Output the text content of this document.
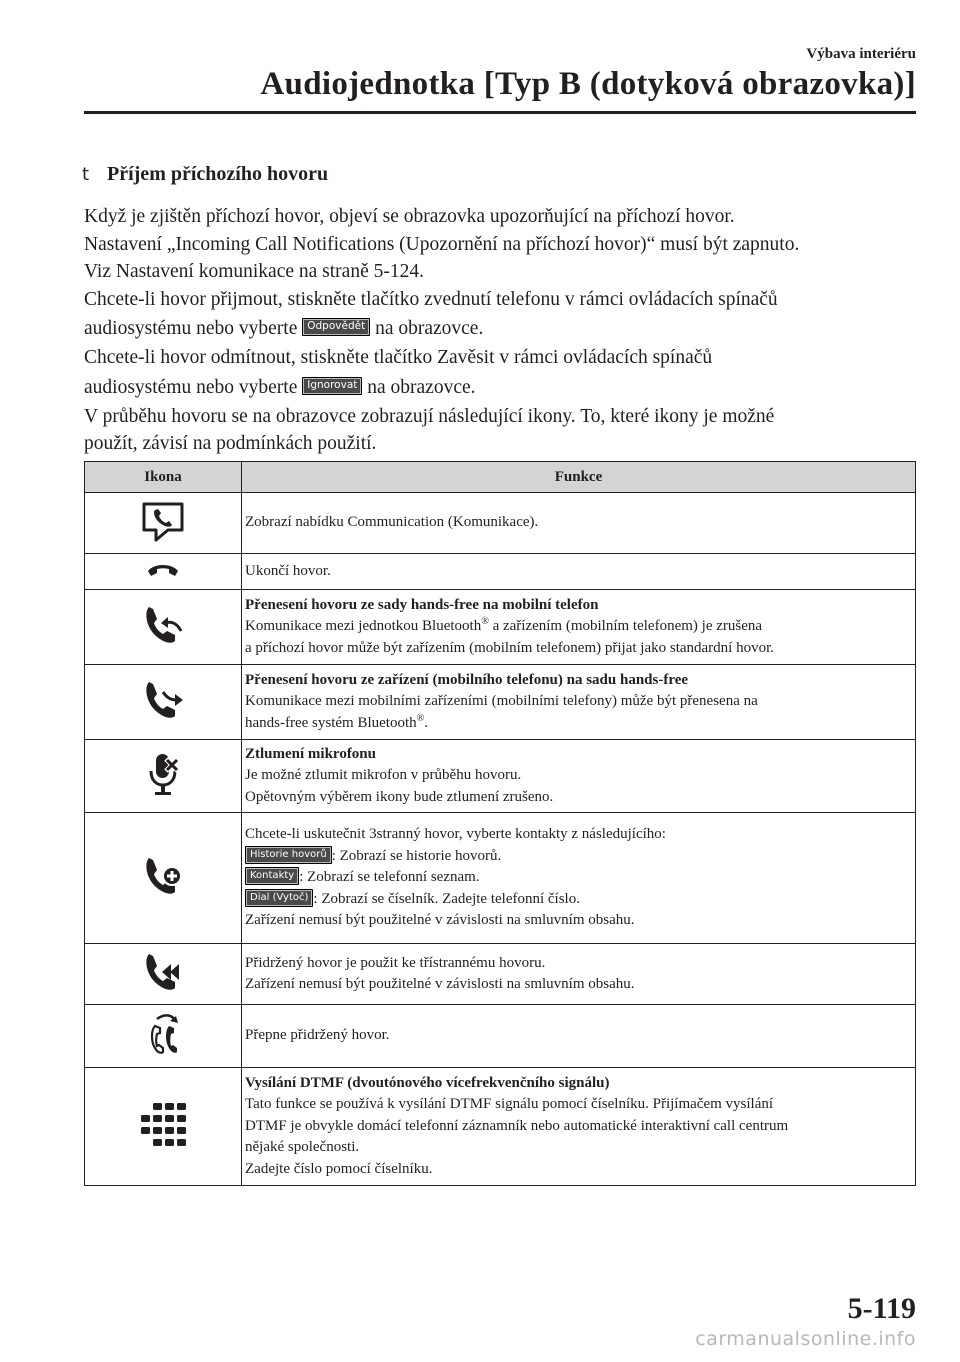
Výbava interiéru
Audiojednotka [Typ B (dotyková obrazovka)]
t Příjem příchozího hovoru

Když je zjištěn příchozí hovor, objeví se obrazovka upozorňující na příchozí hovor.

Nastavení „Incoming Call Notifications (Upozornění na příchozí hovor)“ musí být zapnuto.

Viz Nastavení komunikace na straně 5-124.

Chcete-li hovor přijmout, stiskněte tlačítko zvednutí telefonu v rámci ovládacích spínačů

audiosystému nebo vyberte Odpovědět na obrazovce.

Chcete-li hovor odmítnout, stiskněte tlačítko Zavěsit v rámci ovládacích spínačů

audiosystému nebo vyberte Ignorovat na obrazovce.

V průběhu hovoru se na obrazovce zobrazují následující ikony. To, které ikony je možné

použít, závisí na podmínkách použití.

Ikona	Funkce

Zobrazí nabídku Communication (Komunikace).

Ukončí hovor.

Přenesení hovoru ze sady hands-free na mobilní telefon
Komunikace mezi jednotkou Bluetooth® a zařízením (mobilním telefonem) je zrušena
a příchozí hovor může být zařízením (mobilním telefonem) přijat jako standardní hovor.

Přenesení hovoru ze zařízení (mobilního telefonu) na sadu hands-free
Komunikace mezi mobilními zařízeními (mobilními telefony) může být přenesena na
hands-free systém Bluetooth®.

Ztlumení mikrofonu
Je možné ztlumit mikrofon v průběhu hovoru.
Opětovným výběrem ikony bude ztlumení zrušeno.

Chcete-li uskutečnit 3stranný hovor, vyberte kontakty z následujícího:
Historie hovorů : Zobrazí se historie hovorů.
Kontakty : Zobrazí se telefonní seznam.
Dial (Vytoč) : Zobrazí se číselník. Zadejte telefonní číslo.
Zařízení nemusí být použitelné v závislosti na smluvním obsahu.

Přidržený hovor je použit ke třístrannému hovoru.
Zařízení nemusí být použitelné v závislosti na smluvním obsahu.

Přepne přidržený hovor.

Vysílání DTMF (dvoutónového vícefrekvenčního signálu)
Tato funkce se používá k vysílání DTMF signálu pomocí číselníku. Přijímačem vysílání
DTMF je obvykle domácí telefonní záznamník nebo automatické interaktivní call centrum
nějaké společnosti.
Zadejte číslo pomocí číselníku.
5-119
carmanualsonline.info
